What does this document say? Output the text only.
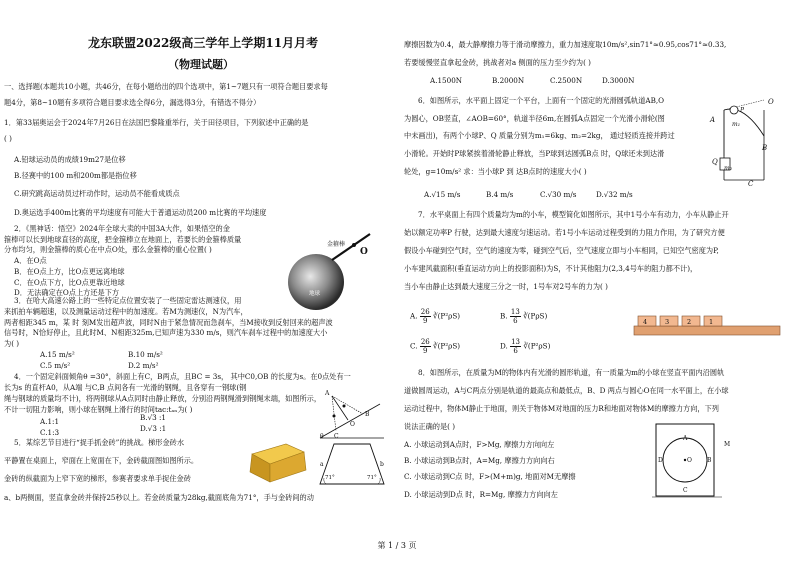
龙东联盟2022级高三学年上学期11月月考
（物理试题）
一、选择题(本题共10小题，共46分，在每小题给出的四个选项中，第1~7题只有一项符合题目要求每
题4分，第8~10题有多项符合题目要求选全得6分，漏选得3分，有错选不得分）
1．第33届奥运会于2024年7月26日在法国巴黎隆重举行，关于田径项目，下列叙述中正确的是
( )
A.铅球运动员的成绩19m27是位移
B.径赛中的100 m和200m都是指位移
C.研究跳高运动员过杆动作时，运动员不能看成质点
D.奥运选手400m比赛的平均速度有可能大于普通运动员200 m比赛的平均速度
2．《黑神话：悟空》2024年全球大卖的中国3A大作，如果悟空的金
箍棒可以长到地球直径的高度，把金箍棒立在地面上，若要长的金箍棒质量
分布均匀，则金箍棒的质心在中点O处，那么金箍棒的重心位置( )
A．在O点
B．在O点上方，比O点更远离地球
C．在O点下方，比O点更靠近地球
D．无法确定在O点上方还是下方
金箍棒
O
地球
3．在哈大高速公路上的一些特定点位置安装了一些固定雷达测速仪，用
来抓拍车辆超速，以及测量运动过程中的加速度。若M为测速仪，N为汽车，
两者相距345 m，某 时 刻M发出超声波，同时N由于紧急情况而急刹车，当M接收到反射回来的超声波
信号时，N恰好停止，且此时M、N相距325m,已知声速为330 m/s，则汽车刹车过程中的加速度大小
为( )
A.15 m/s²	B.10 m/s²
C.5 m/s²	D.2 m/s²
4．一个固定斜面倾角θ =30°，斜面上有C，B两点，且BC = 3s， 其中C0,OB 的长度为s。在0点处有一
长为s 的直杆A0，从A端 与C,B 点间各有一光滑的钢绳，且各穿有一钢球(钢
绳与钢球的质量均不计)，将两钢球从A点同时由静止释放，分别沿两钢绳滑到钢绳末端，如图所示，
不计一切阻力影响，则小球在钢绳上滑行的时间tac:tₐₙ为( )
A.1:1	B.√3 :1
C.1:3	D.√3 :1
A
B
C
O
θ
5．某综艺节目进行“捉手抓金砖”的挑战。梯形金砖水
平静置在桌面上，窄面在上宽面在下，金砖截面图如图所示。
金砖的纵截面为上窄下宽的梯形，参赛者要求单手捉住金砖
a、b两侧面，竖直拿金砖并保持25秒以上。若金砖质量为28kg,截面底角为71°，手与金砖间的动
a	b
71°	71°
摩擦因数为0.4，最大静摩擦力等于滑动摩擦力，重力加速度取10m/s²,sin71°≈0.95,cos71°≈0.33,
若要缓慢竖直拿起金砖，挑战者对a 侧面的压力至少约为( )
A.1500N	B.2000N	C.2500N	D.3000N
6．如图所示，水平面上固定一个平台，上面有一个固定的光滑圆弧轨道AB,O
为圆心，OB竖直，∠AOB=60°，轨道半径6m,在圆弧A点固定一个光滑小滑轮(图
中未画出)，有两个小球P、Q 质量分别为m₁=6kg、m₂=2kg， 通过轻质连接并跨过
小滑轮。开始时P球紧挨着滑轮静止释放，当P球到达圆弧B点 时，Q球还未到达滑
轮处，g=10m/s² 求：当小球P 到 达B点时的速度大小( )
A.√15 m/s	B.4 m/s	C.√30 m/s	D.√32 m/s
A
O
Q
P
m₁
m₂
B
C
7．水平桌面上有四个质量均为m的小车，模型简化如图所示，其中1号小车有动力，小车从静止开
始以额定功率P 行驶，达到最大速度匀速运动。若1号小车运动过程受到的力阻力作用，为了研究方便
假设小车碰到空气时，空气的速度为零，碰到空气后，空气速度立即与小车相同，已知空气密度为P,
小车建风截面积(垂直运动方向上的投影面积)为S，不计其他阻力(2,3,4号车的阻力都不计)，
当小车由静止达到最大速度三分之一时，1号车对2号车的力为( )
A. $\frac{26}{9}$ ∛(P²ρS)	B. $\frac{13}{6}$ ∛(PρS)
C. $\frac{26}{9}$ ∛(P²ρS)	D. $\frac{13}{6}$ ∛(P²ρS)
4	3	2	1
8．如图所示，在质量为M的物体内有光滑的圆形轨道，有一质量为m的小球在竖直平面内沿圆轨
道做圆周运动，A与C两点分别是轨道的最高点和最低点，B、D 两点与圆心O在同一水平面上，在小球
运动过程中，物体M静止于地面，则关于物体M对地面的压力R和地面对物体M的摩擦力方向，下列
说法正确的是( )
A. 小球运动到A点时，F>Mg, 摩擦力方向向左
B. 小球运动到B点时，A=Mg, 摩擦力方向向右
C. 小球运动到C点 时，F>(M+m)g, 地面对M无摩擦
D. 小球运动到D点 时，R=Mg, 摩擦力方向向左
A
B
C
D	O
M
第 1 / 3 页
